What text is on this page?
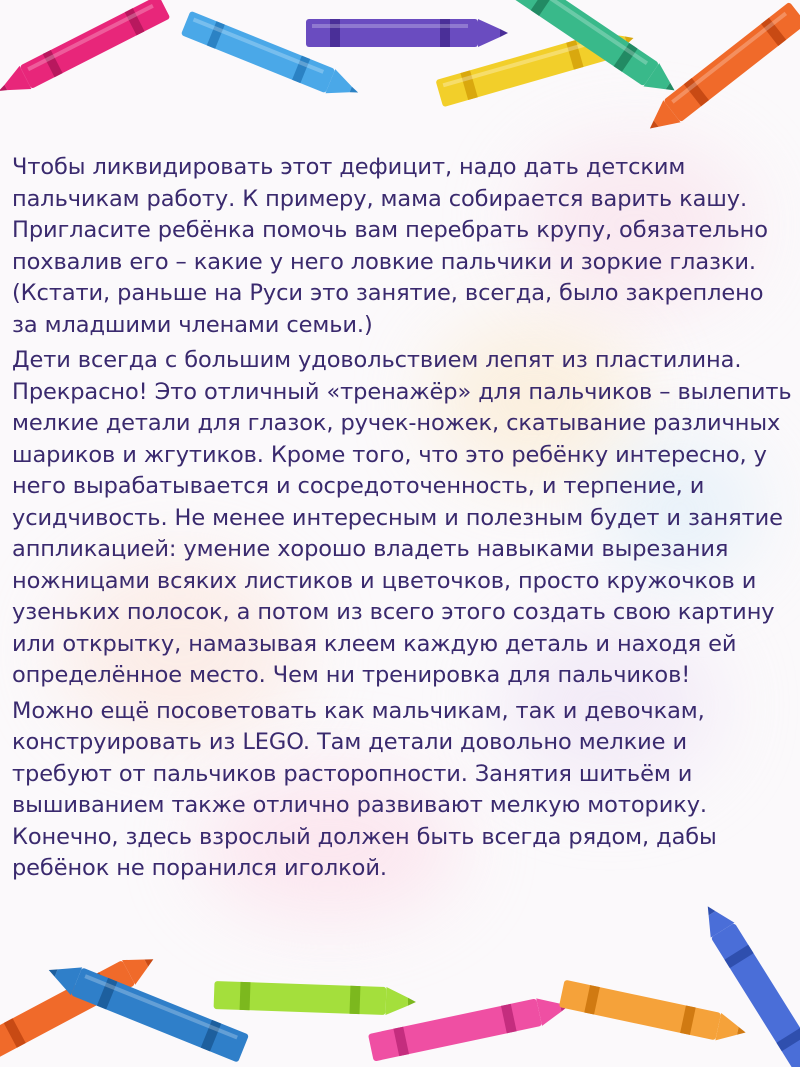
Чтобы ликвидировать этот дефицит, надо дать детским пальчикам работу. К примеру, мама собирается варить кашу. Пригласите ребёнка помочь вам перебрать крупу, обязательно похвалив его – какие у него ловкие пальчики и зоркие глазки. (Кстати, раньше на Руси это занятие, всегда, было закреплено за младшими членами семьи.)

Дети всегда с большим удовольствием лепят из пластилина. Прекрасно! Это отличный «тренажёр» для пальчиков – вылепить мелкие детали для глазок, ручек-ножек, скатывание различных шариков и жгутиков. Кроме того, что это ребёнку интересно, у него вырабатывается и сосредоточенность, и терпение, и усидчивость. Не менее интересным и полезным будет и занятие аппликацией: умение хорошо владеть навыками вырезания ножницами всяких листиков и цветочков, просто кружочков и узеньких полосок, а потом из всего этого создать свою картину или открытку, намазывая клеем каждую деталь и находя ей определённое место. Чем ни тренировка для пальчиков!

Можно ещё посоветовать как мальчикам, так и девочкам, конструировать из LEGO. Там детали довольно мелкие и требуют от пальчиков расторопности. Занятия шитьём и вышиванием также отлично развивают мелкую моторику. Конечно, здесь взрослый должен быть всегда рядом, дабы ребёнок не поранился иголкой.
